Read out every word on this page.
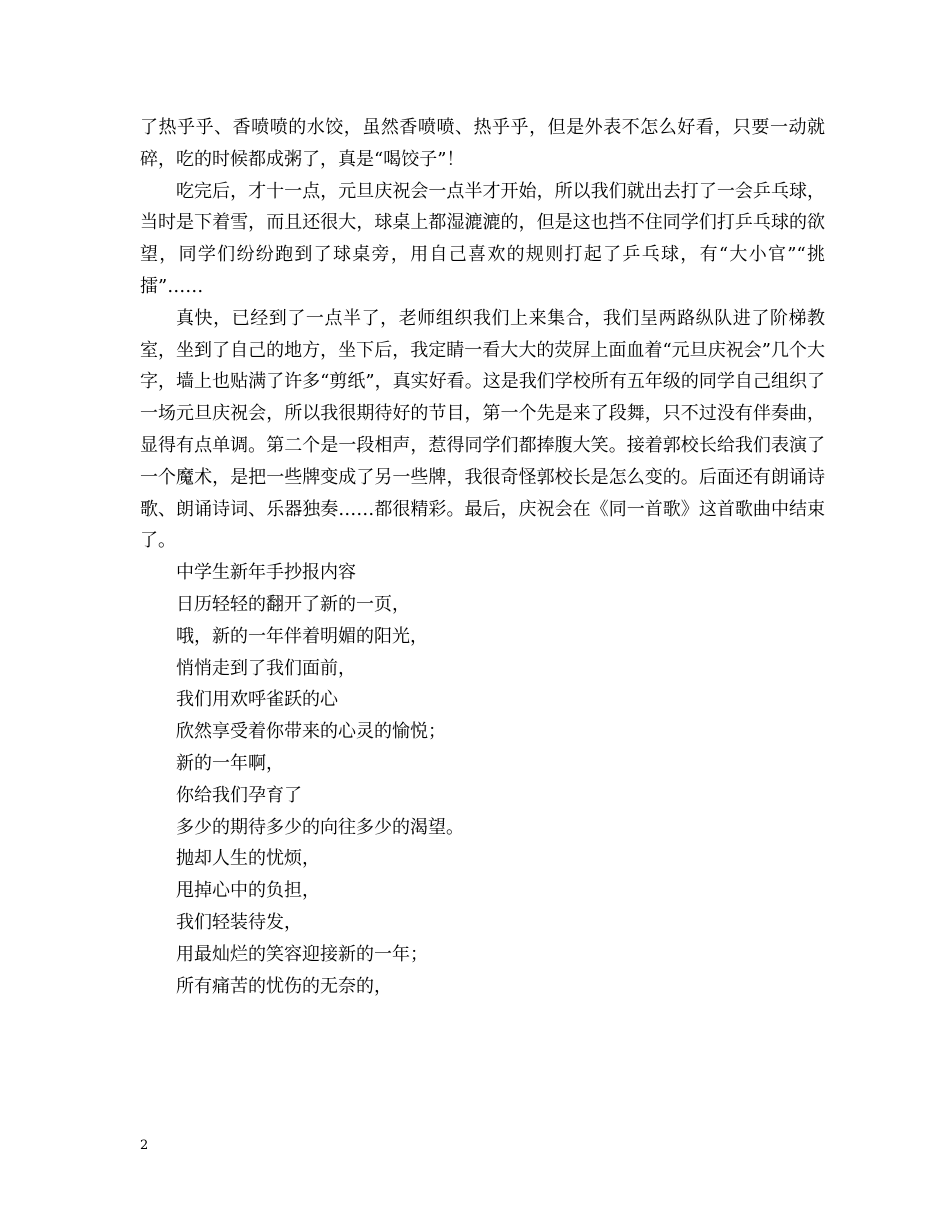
了热乎乎、香喷喷的水饺，虽然香喷喷、热乎乎，但是外表不怎么好看，只要一动就碎，吃的时候都成粥了，真是“喝饺子”！

吃完后，才十一点，元旦庆祝会一点半才开始，所以我们就出去打了一会乒乓球，当时是下着雪，而且还很大，球桌上都湿漉漉的，但是这也挡不住同学们打乒乓球的欲望，同学们纷纷跑到了球桌旁，用自己喜欢的规则打起了乒乓球，有“大小官”“挑擂”……

真快，已经到了一点半了，老师组织我们上来集合，我们呈两路纵队进了阶梯教室，坐到了自己的地方，坐下后，我定睛一看大大的荧屏上面血着“元旦庆祝会”几个大字，墙上也贴满了许多“剪纸”，真实好看。这是我们学校所有五年级的同学自己组织了一场元旦庆祝会，所以我很期待好的节目，第一个先是来了段舞，只不过没有伴奏曲，显得有点单调。第二个是一段相声，惹得同学们都捧腹大笑。接着郭校长给我们表演了一个魔术，是把一些牌变成了另一些牌，我很奇怪郭校长是怎么变的。后面还有朗诵诗歌、朗诵诗词、乐器独奏……都很精彩。最后，庆祝会在《同一首歌》这首歌曲中结束了。

中学生新年手抄报内容
日历轻轻的翻开了新的一页，
哦，新的一年伴着明媚的阳光，
悄悄走到了我们面前，
我们用欢呼雀跃的心
欣然享受着你带来的心灵的愉悦；
新的一年啊，
你给我们孕育了
多少的期待多少的向往多少的渴望。
抛却人生的忧烦，
甩掉心中的负担，
我们轻装待发，
用最灿烂的笑容迎接新的一年；
所有痛苦的忧伤的无奈的，
2
